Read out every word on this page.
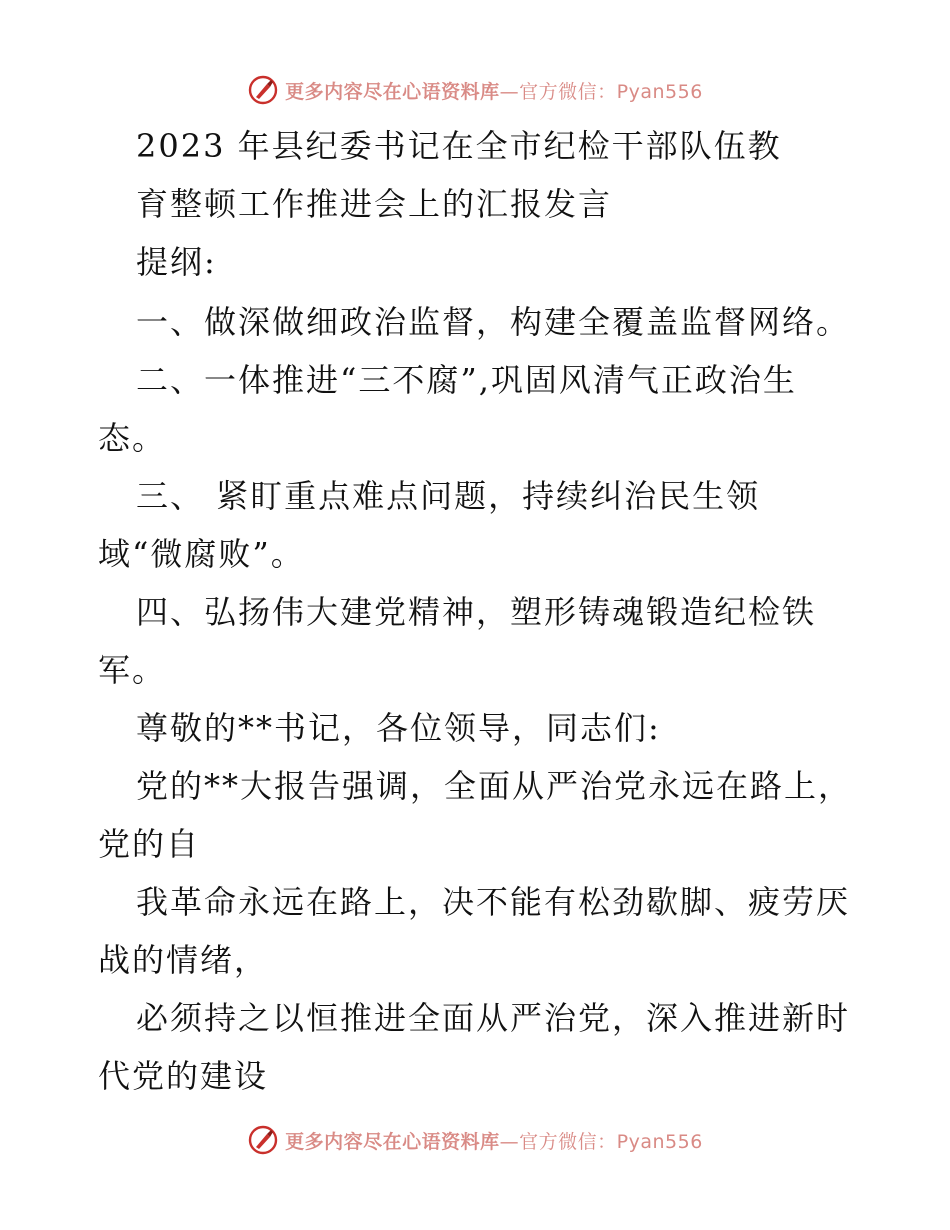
更多内容尽在心语资料库—官方微信：Pyan556
2023 年县纪委书记在全市纪检干部队伍教
育整顿工作推进会上的汇报发言
提纲:
一、做深做细政治监督，构建全覆盖监督网络。
二、一体推进“三不腐”,巩固风清气正政治生
态。
三、 紧盯重点难点问题，持续纠治民生领
域“微腐败”。
四、弘扬伟大建党精神，塑形铸魂锻造纪检铁
军。
尊敬的**书记，各位领导，同志们:
党的**大报告强调，全面从严治党永远在路上，
党的自
我革命永远在路上，决不能有松劲歇脚、疲劳厌
战的情绪，
必须持之以恒推进全面从严治党，深入推进新时
代党的建设
更多内容尽在心语资料库—官方微信：Pyan556
